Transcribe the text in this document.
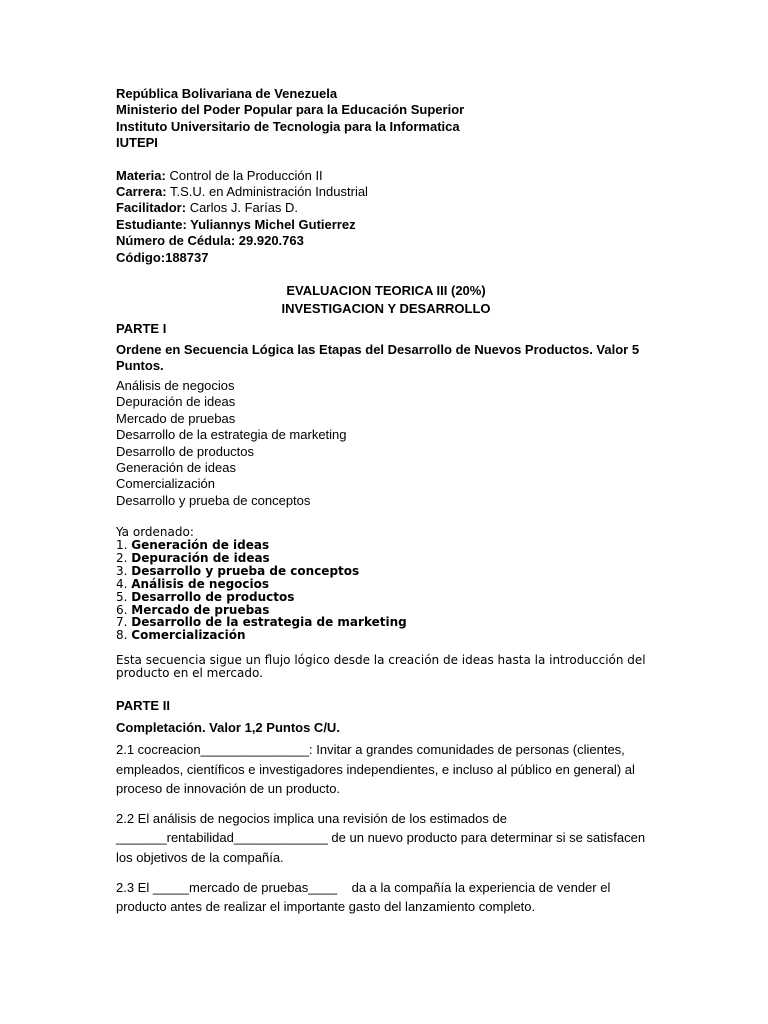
República Bolivariana de Venezuela
Ministerio del Poder Popular para la Educación Superior
Instituto Universitario de Tecnologia para la Informatica
IUTEPI
Materia: Control de la Producción II
Carrera: T.S.U. en Administración Industrial
Facilitador: Carlos J. Farías D.
Estudiante: Yuliannys Michel Gutierrez
Número de Cédula: 29.920.763
Código:188737
EVALUACION TEORICA III (20%)
INVESTIGACION Y DESARROLLO
PARTE I
Ordene en Secuencia Lógica las Etapas del Desarrollo de Nuevos Productos. Valor 5
Puntos.
Análisis de negocios
Depuración de ideas
Mercado de pruebas
Desarrollo de la estrategia de marketing
Desarrollo de productos
Generación de ideas
Comercialización
Desarrollo y prueba de conceptos
Ya ordenado:
1. Generación de ideas
2. Depuración de ideas
3. Desarrollo y prueba de conceptos
4. Análisis de negocios
5. Desarrollo de productos
6. Mercado de pruebas
7. Desarrollo de la estrategia de marketing
8. Comercialización
Esta secuencia sigue un flujo lógico desde la creación de ideas hasta la introducción del
producto en el mercado.
PARTE II
Completación. Valor 1,2 Puntos C/U.
2.1 cocreacion_______________: Invitar a grandes comunidades de personas (clientes,
empleados, científicos e investigadores independientes, e incluso al público en general) al
proceso de innovación de un producto.
2.2 El análisis de negocios implica una revisión de los estimados de
_______rentabilidad_____________ de un nuevo producto para determinar si se satisfacen
los objetivos de la compañía.
2.3 El _____mercado de pruebas____    da a la compañía la experiencia de vender el
producto antes de realizar el importante gasto del lanzamiento completo.
